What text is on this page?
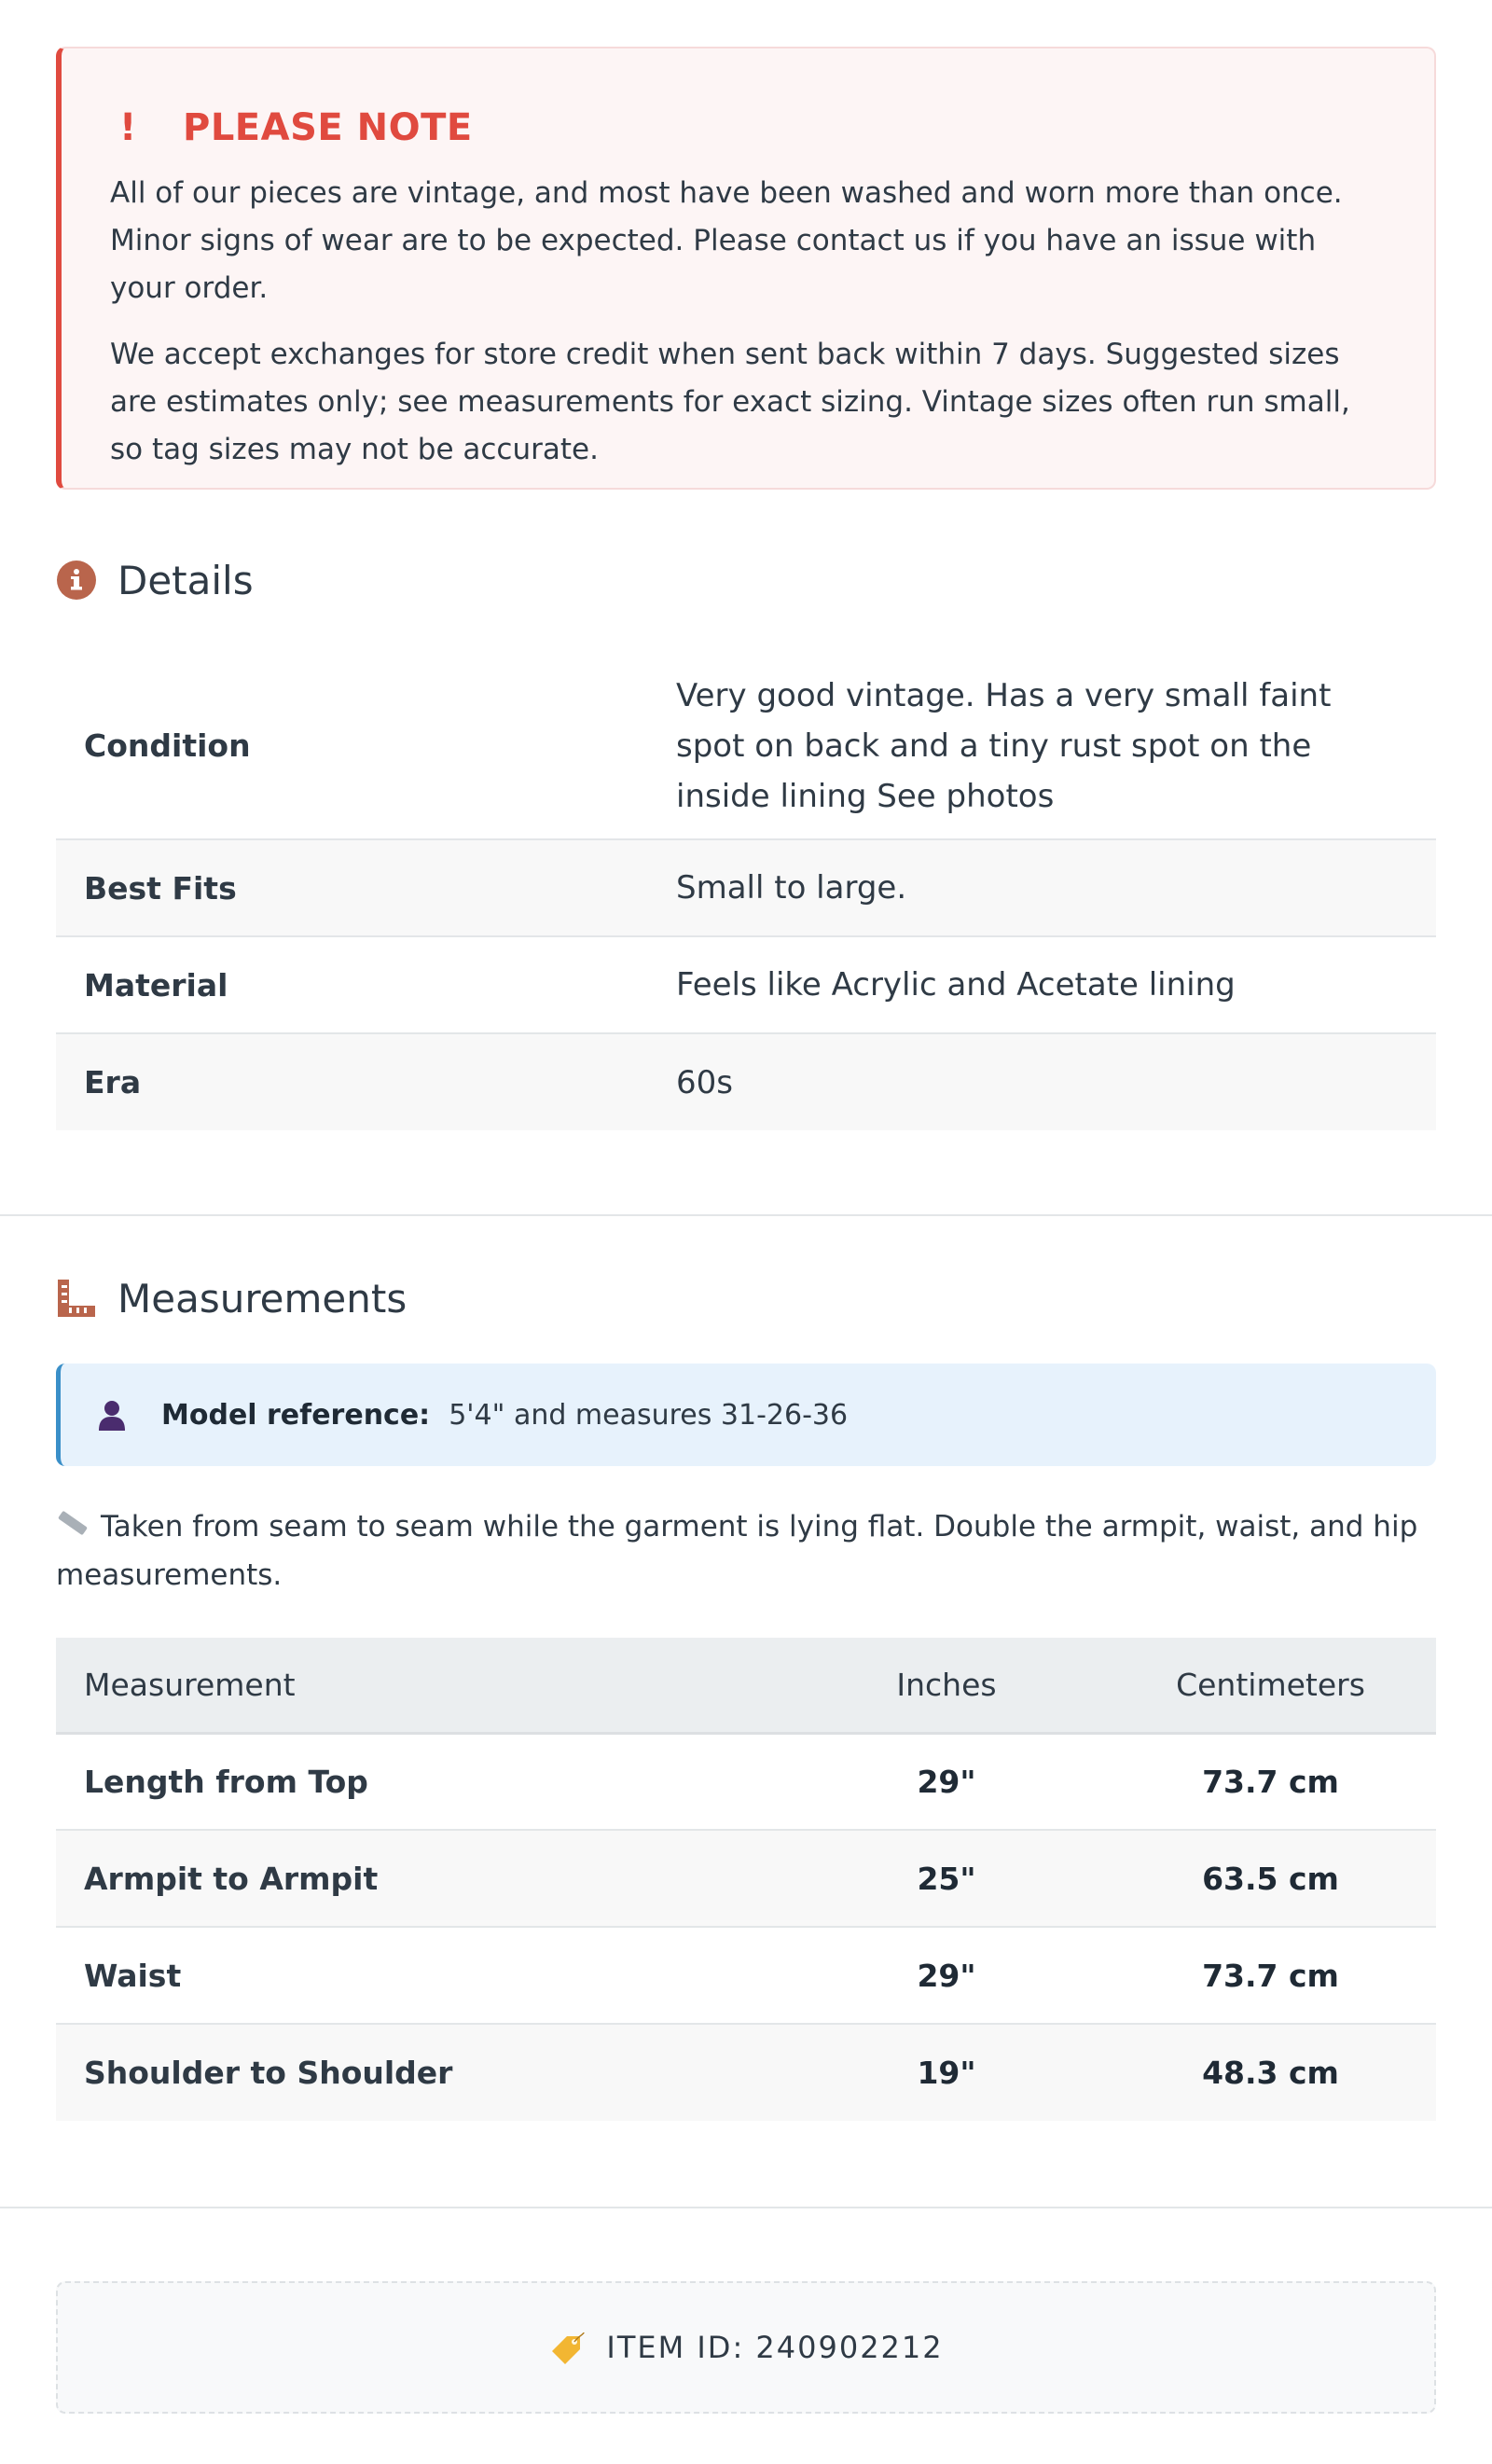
!	PLEASE NOTE

All of our pieces are vintage, and most have been washed and worn more than once. Minor signs of wear are to be expected. Please contact us if you have an issue with your order.

We accept exchanges for store credit when sent back within 7 days. Suggested sizes are estimates only; see measurements for exact sizing. Vintage sizes often run small, so tag sizes may not be accurate.

Details
Condition	Very good vintage. Has a very small faint spot on back and a tiny rust spot on the inside lining See photos
Best Fits	Small to large.
Material	Feels like Acrylic and Acetate lining
Era	60s
Measurements
Model reference: 5'4" and measures 31-26-36
Taken from seam to seam while the garment is lying flat. Double the armpit, waist, and hip measurements.
Measurement	Inches	Centimeters
Length from Top	29"	73.7 cm
Armpit to Armpit	25"	63.5 cm
Waist	29"	73.7 cm
Shoulder to Shoulder	19"	48.3 cm
ITEM ID: 240902212
